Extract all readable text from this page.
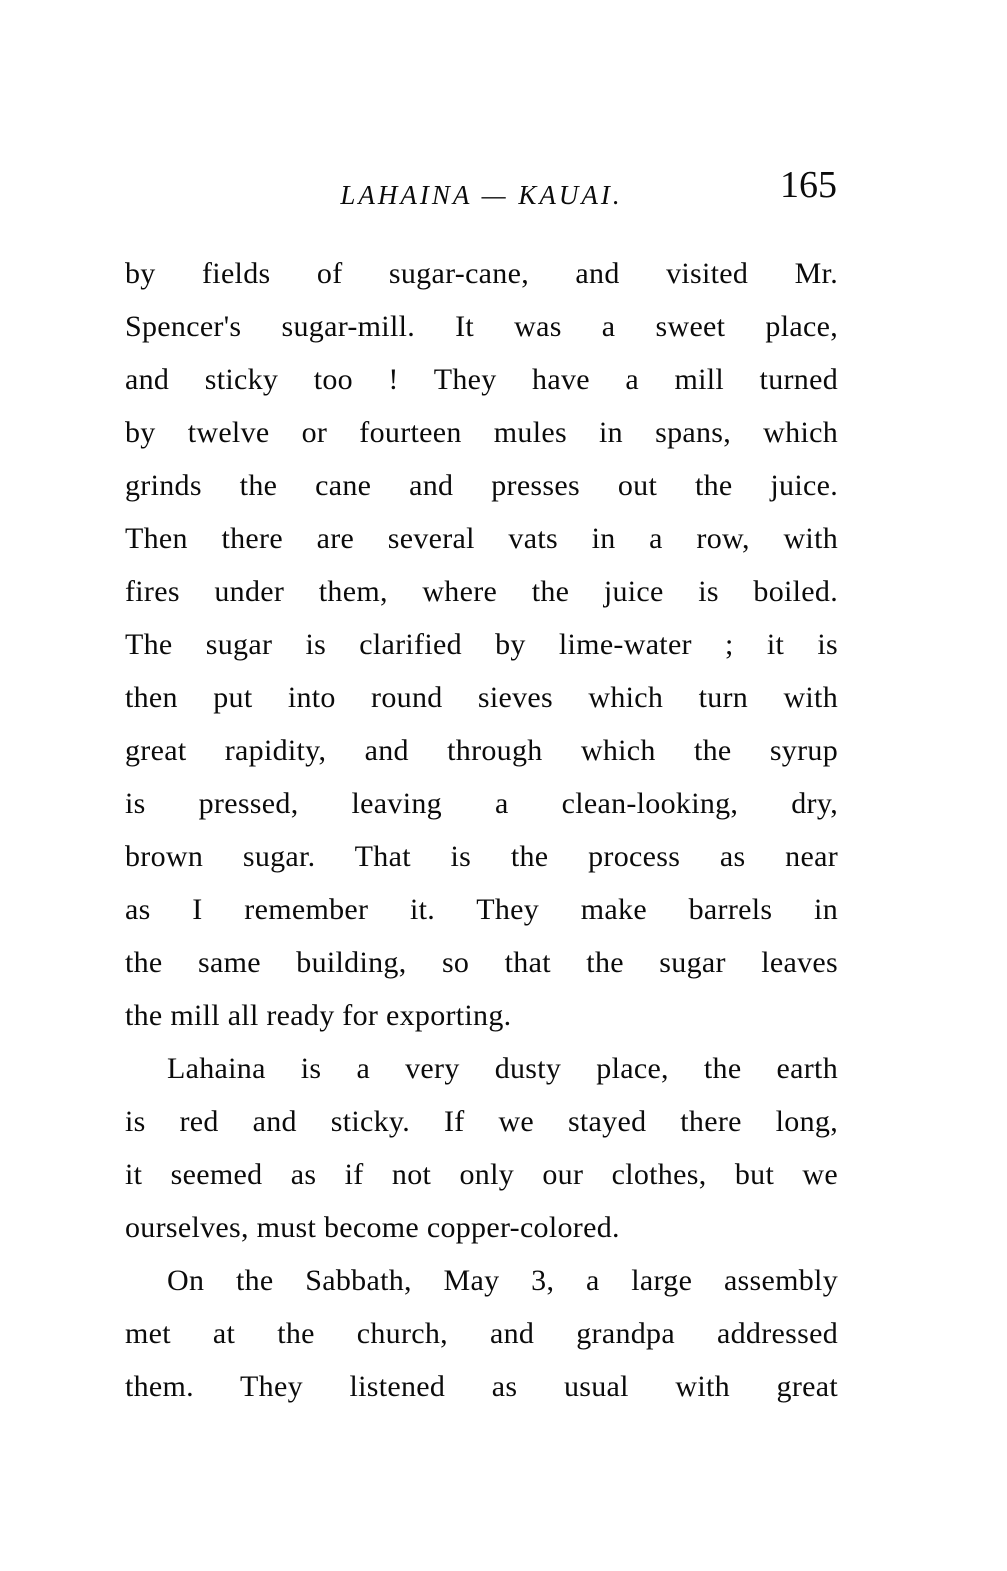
LAHAINA — KAUAI.	165
by fields of sugar-cane, and visited Mr.
Spencer's sugar-mill. It was a sweet place,
and sticky too ! They have a mill turned
by twelve or fourteen mules in spans, which
grinds the cane and presses out the juice.
Then there are several vats in a row, with
fires under them, where the juice is boiled.
The sugar is clarified by lime-water ; it is
then put into round sieves which turn with
great rapidity, and through which the syrup
is pressed, leaving a clean-looking, dry,
brown sugar. That is the process as near
as I remember it. They make barrels in
the same building, so that the sugar leaves
the mill all ready for exporting.
Lahaina is a very dusty place, the earth
is red and sticky. If we stayed there long,
it seemed as if not only our clothes, but we
ourselves, must become copper-colored.
On the Sabbath, May 3, a large assembly
met at the church, and grandpa addressed
them. They listened as usual with great
